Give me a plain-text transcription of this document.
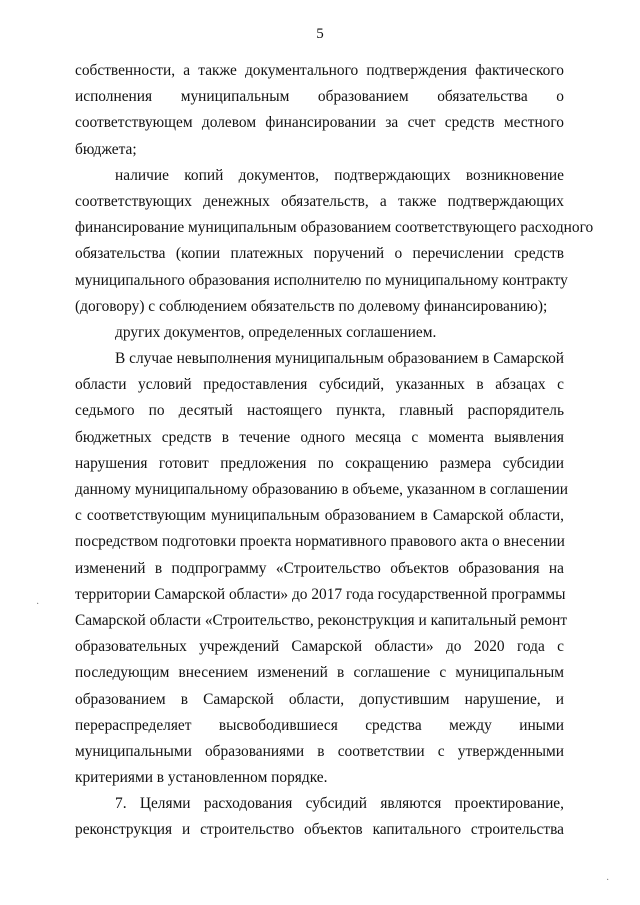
5

собственности, а также документального подтверждения фактического
исполнения муниципальным образованием обязательства о
соответствующем долевом финансировании за счет средств местного
бюджета;

наличие копий документов, подтверждающих возникновение
соответствующих денежных обязательств, а также подтверждающих
финансирование муниципальным образованием соответствующего расходного
обязательства (копии платежных поручений о перечислении средств
муниципального образования исполнителю по муниципальному контракту
(договору) с соблюдением обязательств по долевому финансированию);

других документов, определенных соглашением.

В случае невыполнения муниципальным образованием в Самарской
области условий предоставления субсидий, указанных в абзацах с
седьмого по десятый настоящего пункта, главный распорядитель
бюджетных средств в течение одного месяца с момента выявления
нарушения готовит предложения по сокращению размера субсидии
данному муниципальному образованию в объеме, указанном в соглашении
с соответствующим муниципальным образованием в Самарской области,
посредством подготовки проекта нормативного правового акта о внесении
изменений в подпрограмму «Строительство объектов образования на
территории Самарской области» до 2017 года государственной программы
Самарской области «Строительство, реконструкция и капитальный ремонт
образовательных учреждений Самарской области» до 2020 года с
последующим внесением изменений в соглашение с муниципальным
образованием в Самарской области, допустившим нарушение, и
перераспределяет высвободившиеся средства между иными
муниципальными образованиями в соответствии с утвержденными
критериями в установленном порядке.

7. Целями расходования субсидий являются проектирование,
реконструкция и строительство объектов капитального строительства

·
·
